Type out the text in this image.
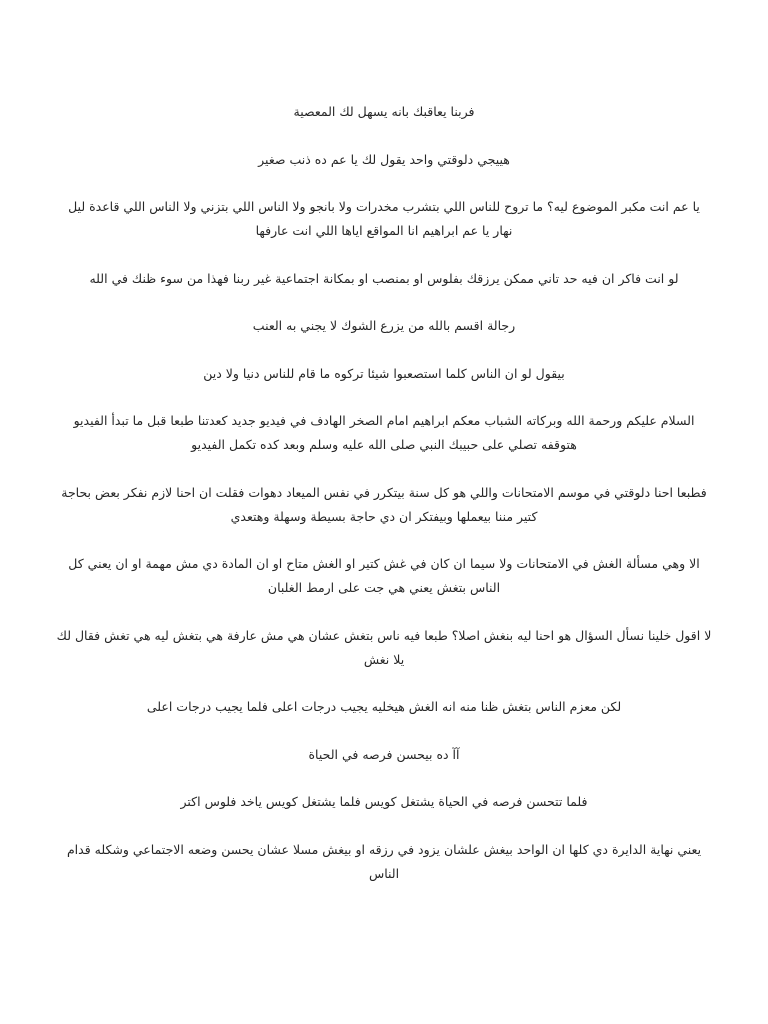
فربنا يعاقبك بانه يسهل لك المعصية

هييجي دلوقتي واحد يقول لك يا عم ده ذنب صغير

يا عم انت مكبر الموضوع ليه؟ ما تروح للناس اللي بتشرب مخدرات ولا بانجو ولا الناس اللي بتزني ولا الناس اللي قاعدة ليل
نهار يا عم ابراهيم انا المواقع اياها اللي انت عارفها

لو انت فاكر ان فيه حد تاني ممكن يرزقك بفلوس او بمنصب او بمكانة اجتماعية غير ربنا فهذا من سوء ظنك في الله

رجالة اقسم بالله من يزرع الشوك لا يجني به العنب

بيقول لو ان الناس كلما استصعبوا شيئا تركوه ما قام للناس دنيا ولا دين

السلام عليكم ورحمة الله وبركاته الشباب معكم ابراهيم امام الصخر الهادف في فيديو جديد كعدتنا طبعا قبل ما تبدأ الفيديو
هتوقفه تصلي على حبيبك النبي صلى الله عليه وسلم وبعد كده تكمل الفيديو

فطبعا احنا دلوقتي في موسم الامتحانات واللي هو كل سنة بيتكرر في نفس الميعاد دهوات فقلت ان احنا لازم نفكر بعض بحاجة
كتير مننا بيعملها وبيفتكر ان دي حاجة بسيطة وسهلة وهتعدي

الا وهي مسألة الغش في الامتحانات ولا سيما ان كان في غش كتير او الغش متاح او ان المادة دي مش مهمة او ان يعني كل
الناس بتغش يعني هي جت على ارمط الغلبان

لا اقول خلينا نسأل السؤال هو احنا ليه بنغش اصلا؟ طبعا فيه ناس بتغش عشان هي مش عارفة هي بتغش ليه هي تغش فقال لك
يلا نغش

لكن معزم الناس بتغش ظنا منه انه الغش هيخليه يجيب درجات اعلى فلما يجيب درجات اعلى

آآ ده بيحسن فرصه في الحياة

فلما تتحسن فرصه في الحياة يشتغل كويس فلما يشتغل كويس ياخد فلوس اكتر

يعني نهاية الدايرة دي كلها ان الواحد بيغش علشان يزود في رزقه او بيغش مسلا عشان يحسن وضعه الاجتماعي وشكله قدام
الناس
